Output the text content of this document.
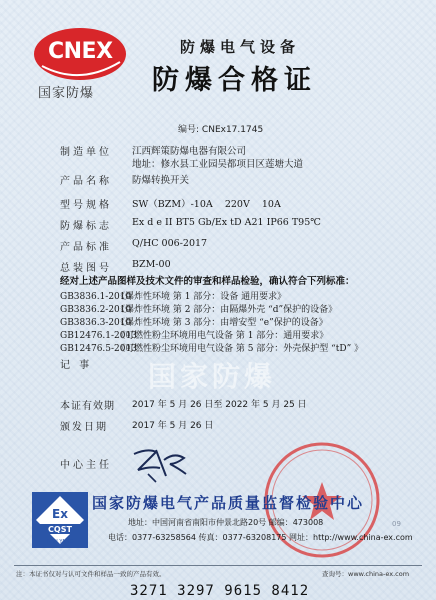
CNEX
国家防爆
防爆电气设备
防爆合格证
编号: CNEx17.1745
制造单位 江西辉策防爆电器有限公司
地址：修水县工业园吴都项目区莲塘大道
产品名称 防爆转换开关
型号规格 SW（BZM）-10A    220V    10A
防爆标志 Ex d e II BT5 Gb/Ex tD A21 IP66 T95℃
产品标准 Q/HC 006-2017
总装图号 BZM-00
经对上述产品图样及技术文件的审查和样品检验，确认符合下列标准：
GB3836.1-2010《爆炸性环境 第 1 部分：设备 通用要求》
GB3836.2-2010《爆炸性环境 第 2 部分：由隔爆外壳 “d”保护的设备》
GB3836.3-2010《爆炸性环境 第 3 部分：由增安型 “e”保护的设备》
GB12476.1-2013《可燃性粉尘环境用电气设备 第 1 部分：通用要求》
GB12476.5-2013《可燃性粉尘环境用电气设备 第 5 部分：外壳保护型 “tD” 》
记 事 国家防爆
本证有效期 2017 年 5 月 26 日至 2022 年 5 月 25 日
颁发日期	2017 年 5 月 26 日
中心主任
Ex
CQST
NAN YANG
国家防爆电气产品质量监督检验中心
地址：中国河南省南阳市仲景北路20号 邮编：473008
电话：0377-63258564 传真：0377-63208175 网址：http://www.china-ex.com
09
注：本证书仅对与认可文件和样品一致的产品有效。	查询号：www.china-ex.com
3271 3297 9615 8412
